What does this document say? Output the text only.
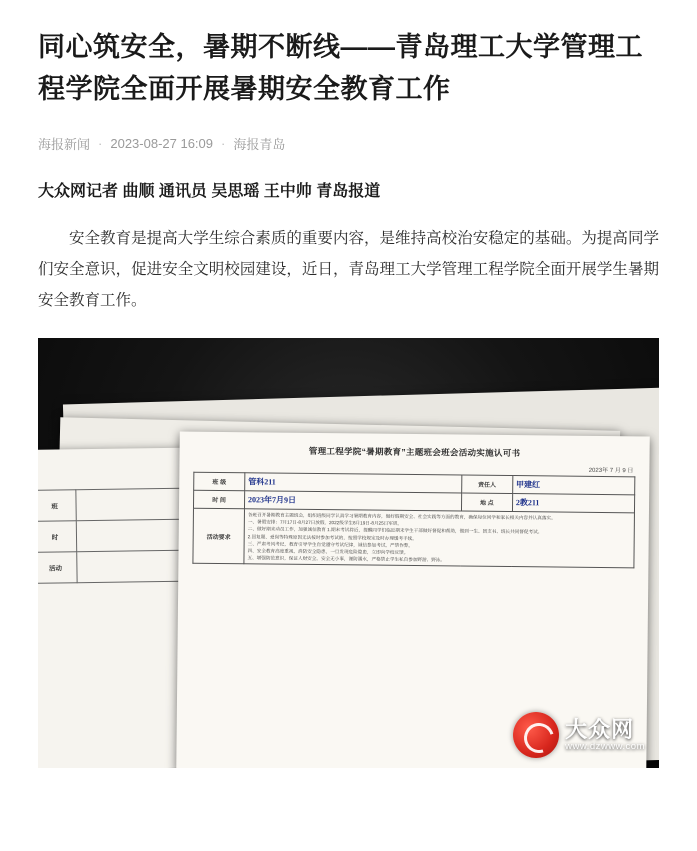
同心筑安全，暑期不断线——青岛理工大学管理工程学院全面开展暑期安全教育工作
海报新闻 · 2023-08-27 16:09 · 海报青岛
大众网记者 曲顺 通讯员 吴思瑶 王中帅 青岛报道

安全教育是提高大学生综合素质的重要内容，是维持高校治安稳定的基础。为提高同学们安全意识，促进安全文明校园建设，近日，青岛理工大学管理工程学院全面开展学生暑期安全教育工作。

班	
时	
活动	
管理工程学院“暑期教育”主题班会班会活动实施认可书
2023年 7 月 9 日
班 级	管科211	责任人	甲建红
时 间	2023年7月9日	地 点	2教211
活动要求	
各班召开暑期教育主题班会，组织班级同学认真学习暑期教育内容，做好假期安全、社会实践等方面的教育，确保每位同学和家长相关内容并认真落实。
一、暑假安排：7月17日-8月27日放假，2022级学生8月19日-8月25日军训。
二、做好期末动员工作，加强诚信教育 1.期末考试将近，提醒同学们临近期末学生干部做好督促和帮助，做到一生、团支书、班长共同督促考试。
2.回复题、爱岗等特殊原因无法按时参加考试的，按照学校规定及时办理缓考手续。
三、严肃考风考纪，教育引导学生自觉遵守考试纪律，诚信参加考试，严禁作弊。
四、安全教育高度重视，消防安全隐患，一旦发现危险隐患，立即向学校反馈。
五、增强防范意识，保证人财安全。安全无小事，谨防溺水，严格禁止学生私自参加野游、野泳。
大众网
www.dzwww.com
